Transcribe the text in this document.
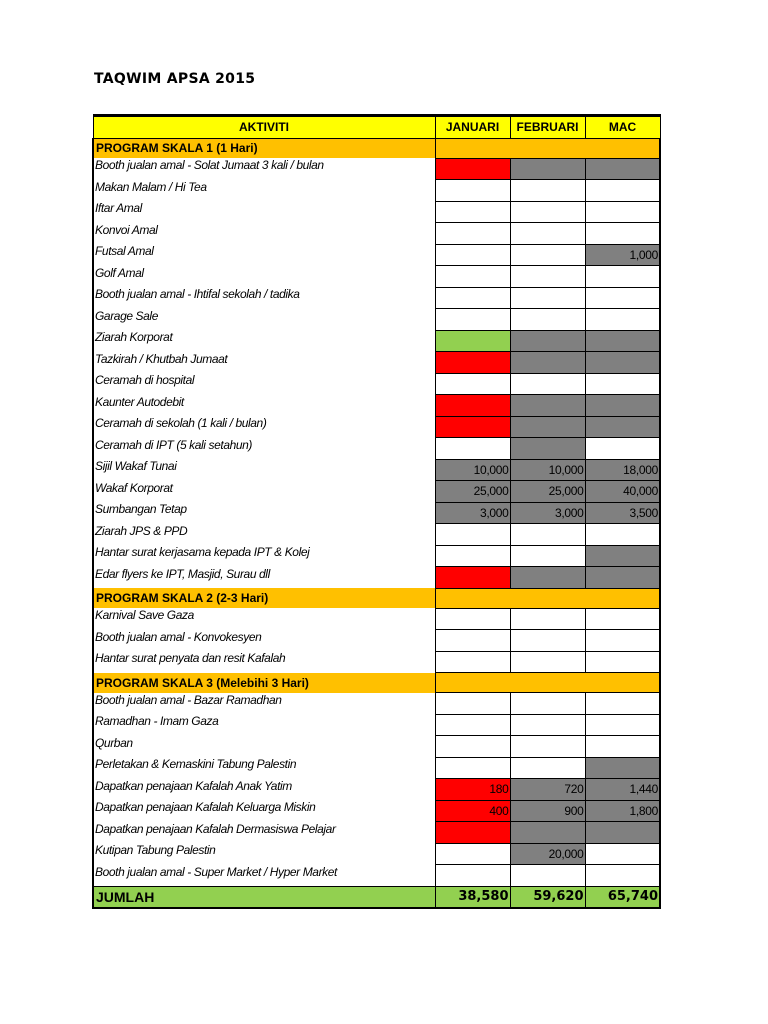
TAQWIM APSA 2015
AKTIVITI	JANUARI	FEBRUARI	MAC
PROGRAM SKALA 1 (1 Hari)			
Booth jualan amal - Solat Jumaat 3 kali / bulan			
Makan Malam / Hi Tea			
Iftar Amal			
Konvoi Amal			
Futsal Amal			1,000
Golf Amal			
Booth jualan amal - Ihtifal sekolah / tadika			
Garage Sale			
Ziarah Korporat			
Tazkirah / Khutbah Jumaat			
Ceramah di hospital			
Kaunter Autodebit			
Ceramah di sekolah (1 kali / bulan)			
Ceramah di IPT (5 kali setahun)			
Sijil Wakaf Tunai	10,000	10,000	18,000
Wakaf Korporat	25,000	25,000	40,000
Sumbangan Tetap	3,000	3,000	3,500
Ziarah JPS & PPD			
Hantar surat kerjasama kepada IPT & Kolej			
Edar flyers ke IPT, Masjid, Surau dll			
PROGRAM SKALA 2 (2-3 Hari)			
Karnival Save Gaza			
Booth jualan amal - Konvokesyen			
Hantar surat penyata dan resit Kafalah			
PROGRAM SKALA 3 (Melebihi 3 Hari)			
Booth jualan amal - Bazar Ramadhan			
Ramadhan - Imam Gaza			
Qurban			
Perletakan & Kemaskini Tabung Palestin			
Dapatkan penajaan Kafalah Anak Yatim	180	720	1,440
Dapatkan penajaan Kafalah Keluarga Miskin	400	900	1,800
Dapatkan penajaan Kafalah Dermasiswa Pelajar			
Kutipan Tabung Palestin		20,000	
Booth jualan amal - Super Market / Hyper Market			
JUMLAH	38,580	59,620	65,740
